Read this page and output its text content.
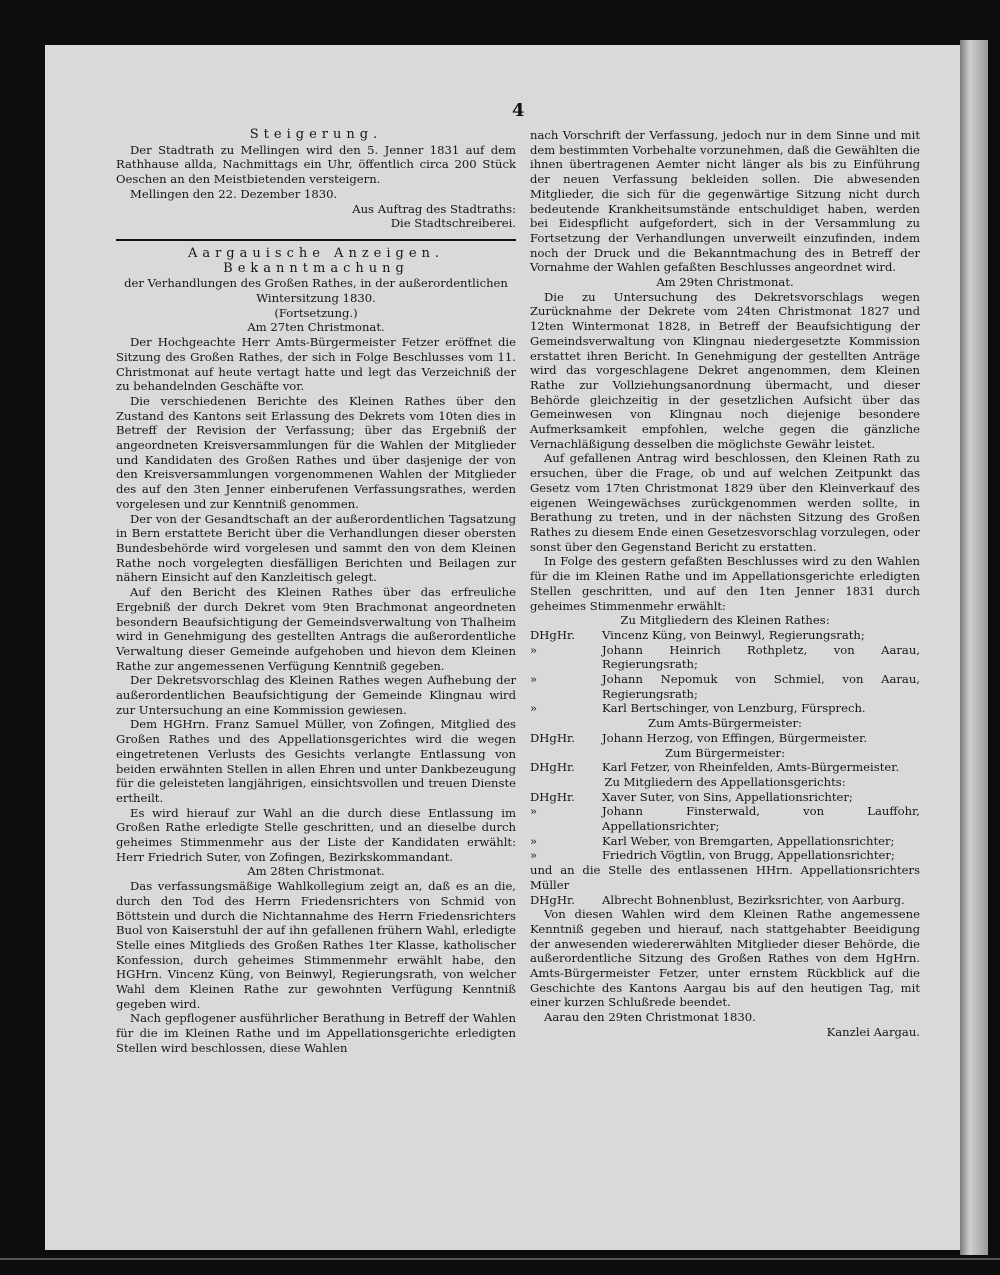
4

Steigerung.

Der Stadtrath zu Mellingen wird den 5. Jenner 1831 auf dem Rathhause allda, Nachmittags ein Uhr, öffentlich circa 200 Stück Oeschen an den Meistbietenden versteigern.

Mellingen den 22. Dezember 1830.

Aus Auftrag des Stadtraths:

Die Stadtschreiberei.

Aargauische Anzeigen.

Bekanntmachung

der Verhandlungen des Großen Rathes, in der außerordentlichen Wintersitzung 1830.

(Fortsetzung.)

Am 27ten Christmonat.

Der Hochgeachte Herr Amts-Bürgermeister Fetzer eröffnet die Sitzung des Großen Rathes, der sich in Folge Beschlusses vom 11. Christmonat auf heute vertagt hatte und legt das Verzeichniß der zu behandelnden Geschäfte vor.

Die verschiedenen Berichte des Kleinen Rathes über den Zustand des Kantons seit Erlassung des Dekrets vom 10ten dies in Betreff der Revision der Verfassung; über das Ergebniß der angeordneten Kreisversammlungen für die Wahlen der Mitglieder und Kandidaten des Großen Rathes und über dasjenige der von den Kreisversammlungen vorgenommenen Wahlen der Mitglieder des auf den 3ten Jenner einberufenen Verfassungsrathes, werden vorgelesen und zur Kenntniß genommen.

Der von der Gesandtschaft an der außerordentlichen Tagsatzung in Bern erstattete Bericht über die Verhandlungen dieser obersten Bundesbehörde wird vorgelesen und sammt den von dem Kleinen Rathe noch vorgelegten diesfälligen Berichten und Beilagen zur nähern Einsicht auf den Kanzleitisch gelegt.

Auf den Bericht des Kleinen Rathes über das erfreuliche Ergebniß der durch Dekret vom 9ten Brachmonat angeordneten besondern Beaufsichtigung der Gemeindsverwaltung von Thalheim wird in Genehmigung des gestellten Antrags die außerordentliche Verwaltung dieser Gemeinde aufgehoben und hievon dem Kleinen Rathe zur angemessenen Verfügung Kenntniß gegeben.

Der Dekretsvorschlag des Kleinen Rathes wegen Aufhebung der außerordentlichen Beaufsichtigung der Gemeinde Klingnau wird zur Untersuchung an eine Kommission gewiesen.

Dem HGHrn. Franz Samuel Müller, von Zofingen, Mitglied des Großen Rathes und des Appellationsgerichtes wird die wegen eingetretenen Verlusts des Gesichts verlangte Entlassung von beiden erwähnten Stellen in allen Ehren und unter Dankbezeugung für die geleisteten langjährigen, einsichtsvollen und treuen Dienste ertheilt.

Es wird hierauf zur Wahl an die durch diese Entlassung im Großen Rathe erledigte Stelle geschritten, und an dieselbe durch geheimes Stimmenmehr aus der Liste der Kandidaten erwählt: Herr Friedrich Suter, von Zofingen, Bezirkskommandant.

Am 28ten Christmonat.

Das verfassungsmäßige Wahlkollegium zeigt an, daß es an die, durch den Tod des Herrn Friedensrichters von Schmid von Böttstein und durch die Nichtannahme des Herrn Friedensrichters Buol von Kaiserstuhl der auf ihn gefallenen frühern Wahl, erledigte Stelle eines Mitglieds des Großen Rathes 1ter Klasse, katholischer Konfession, durch geheimes Stimmenmehr erwählt habe, den HGHrn. Vincenz Küng, von Beinwyl, Regierungsrath, von welcher Wahl dem Kleinen Rathe zur gewohnten Verfügung Kenntniß gegeben wird.

Nach gepflogener ausführlicher Berathung in Betreff der Wahlen für die im Kleinen Rathe und im Appellationsgerichte erledigten Stellen wird beschlossen, diese Wahlen

nach Vorschrift der Verfassung, jedoch nur in dem Sinne und mit dem bestimmten Vorbehalte vorzunehmen, daß die Gewählten die ihnen übertragenen Aemter nicht länger als bis zu Einführung der neuen Verfassung bekleiden sollen. Die abwesenden Mitglieder, die sich für die gegenwärtige Sitzung nicht durch bedeutende Krankheitsumstände entschuldiget haben, werden bei Eidespflicht aufgefordert, sich in der Versammlung zu Fortsetzung der Verhandlungen unverweilt einzufinden, indem noch der Druck und die Bekanntmachung des in Betreff der Vornahme der Wahlen gefaßten Beschlusses angeordnet wird.

Am 29ten Christmonat.

Die zu Untersuchung des Dekretsvorschlags wegen Zurücknahme der Dekrete vom 24ten Christmonat 1827 und 12ten Wintermonat 1828, in Betreff der Beaufsichtigung der Gemeindsverwaltung von Klingnau niedergesetzte Kommission erstattet ihren Bericht. In Genehmigung der gestellten Anträge wird das vorgeschlagene Dekret angenommen, dem Kleinen Rathe zur Vollziehungsanordnung übermacht, und dieser Behörde gleichzeitig in der gesetzlichen Aufsicht über das Gemeinwesen von Klingnau noch diejenige besondere Aufmerksamkeit empfohlen, welche gegen die gänzliche Vernachläßigung desselben die möglichste Gewähr leistet.

Auf gefallenen Antrag wird beschlossen, den Kleinen Rath zu ersuchen, über die Frage, ob und auf welchen Zeitpunkt das Gesetz vom 17ten Christmonat 1829 über den Kleinverkauf des eigenen Weingewächses zurückgenommen werden sollte, in Berathung zu treten, und in der nächsten Sitzung des Großen Rathes zu diesem Ende einen Gesetzesvorschlag vorzulegen, oder sonst über den Gegenstand Bericht zu erstatten.

In Folge des gestern gefaßten Beschlusses wird zu den Wahlen für die im Kleinen Rathe und im Appellationsgerichte erledigten Stellen geschritten, und auf den 1ten Jenner 1831 durch geheimes Stimmenmehr erwählt:

Zu Mitgliedern des Kleinen Rathes:

DHgHr.	Vincenz Küng, von Beinwyl, Regierungsrath;
»	Johann Heinrich Rothpletz, von Aarau, Regierungsrath;
»	Johann Nepomuk von Schmiel, von Aarau, Regierungsrath;
»	Karl Bertschinger, von Lenzburg, Fürsprech.

Zum Amts-Bürgermeister:

DHgHr.	Johann Herzog, von Effingen, Bürgermeister.

Zum Bürgermeister:

DHgHr.	Karl Fetzer, von Rheinfelden, Amts-Bürgermeister.

Zu Mitgliedern des Appellationsgerichts:

DHgHr.	Xaver Suter, von Sins, Appellationsrichter;
»	Johann Finsterwald, von Lauffohr, Appellationsrichter;
»	Karl Weber, von Bremgarten, Appellationsrichter;
»	Friedrich Vögtlin, von Brugg, Appellationsrichter;

und an die Stelle des entlassenen HHrn. Appellationsrichters Müller

DHgHr.	Albrecht Bohnenblust, Bezirksrichter, von Aarburg.

Von diesen Wahlen wird dem Kleinen Rathe angemessene Kenntniß gegeben und hierauf, nach stattgehabter Beeidigung der anwesenden wiedererwählten Mitglieder dieser Behörde, die außerordentliche Sitzung des Großen Rathes von dem HgHrn. Amts-Bürgermeister Fetzer, unter ernstem Rückblick auf die Geschichte des Kantons Aargau bis auf den heutigen Tag, mit einer kurzen Schlußrede beendet.

Aarau den 29ten Christmonat 1830.

Kanzlei Aargau.
